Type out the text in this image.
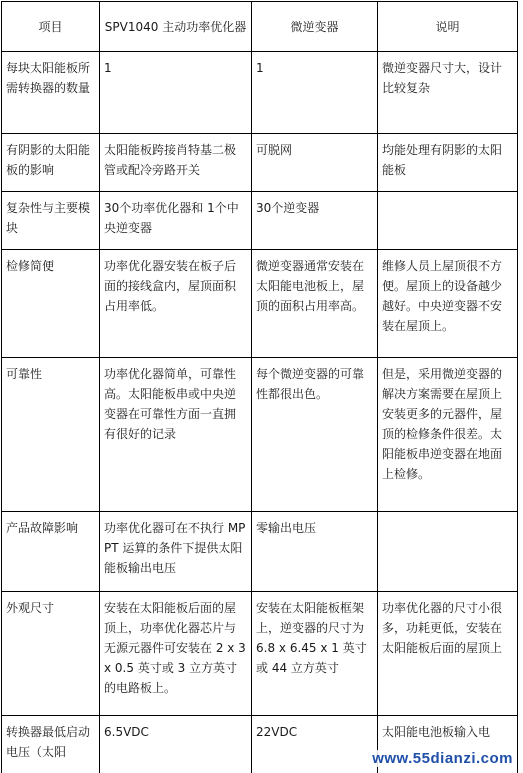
项目	SPV1040 主动功率优化器	微逆变器	说明
每块太阳能板所需转换器的数量	1	1	微逆变器尺寸大，设计比较复杂
有阴影的太阳能板的影响	太阳能板跨接肖特基二极管或配冷旁路开关	可脱网	均能处理有阴影的太阳能板
复杂性与主要模块	30个功率优化器和 1个中央逆变器	30个逆变器	
检修简便	功率优化器安装在板子后面的接线盒内，屋顶面积占用率低。	微逆变器通常安装在太阳能电池板上，屋顶的面积占用率高。	维修人员上屋顶很不方便。屋顶上的设备越少越好。中央逆变器不安装在屋顶上。
可靠性	功率优化器简单，可靠性高。太阳能板串或中央逆变器在可靠性方面一直拥有很好的记录	每个微逆变器的可靠性都很出色。	但是，采用微逆变器的解决方案需要在屋顶上安装更多的元器件，屋顶的检修条件很差。太阳能板串逆变器在地面上检修。
产品故障影响	功率优化器可在不执行 MPPT 运算的条件下提供太阳能板输出电压	零输出电压	
外观尺寸	安装在太阳能板后面的屋顶上，功率优化器芯片与无源元器件可安装在 2 x 3 x 0.5 英寸或 3 立方英寸的电路板上。	安装在太阳能板框架上，逆变器的尺寸为 6.8 x 6.45 x 1 英寸或 44 立方英寸	功率优化器的尺寸小很多，功耗更低，安装在太阳能板后面的屋顶上
转换器最低启动电压（太阳	6.5VDC	22VDC	太阳能电池板输入电
www.55dianzi.com
